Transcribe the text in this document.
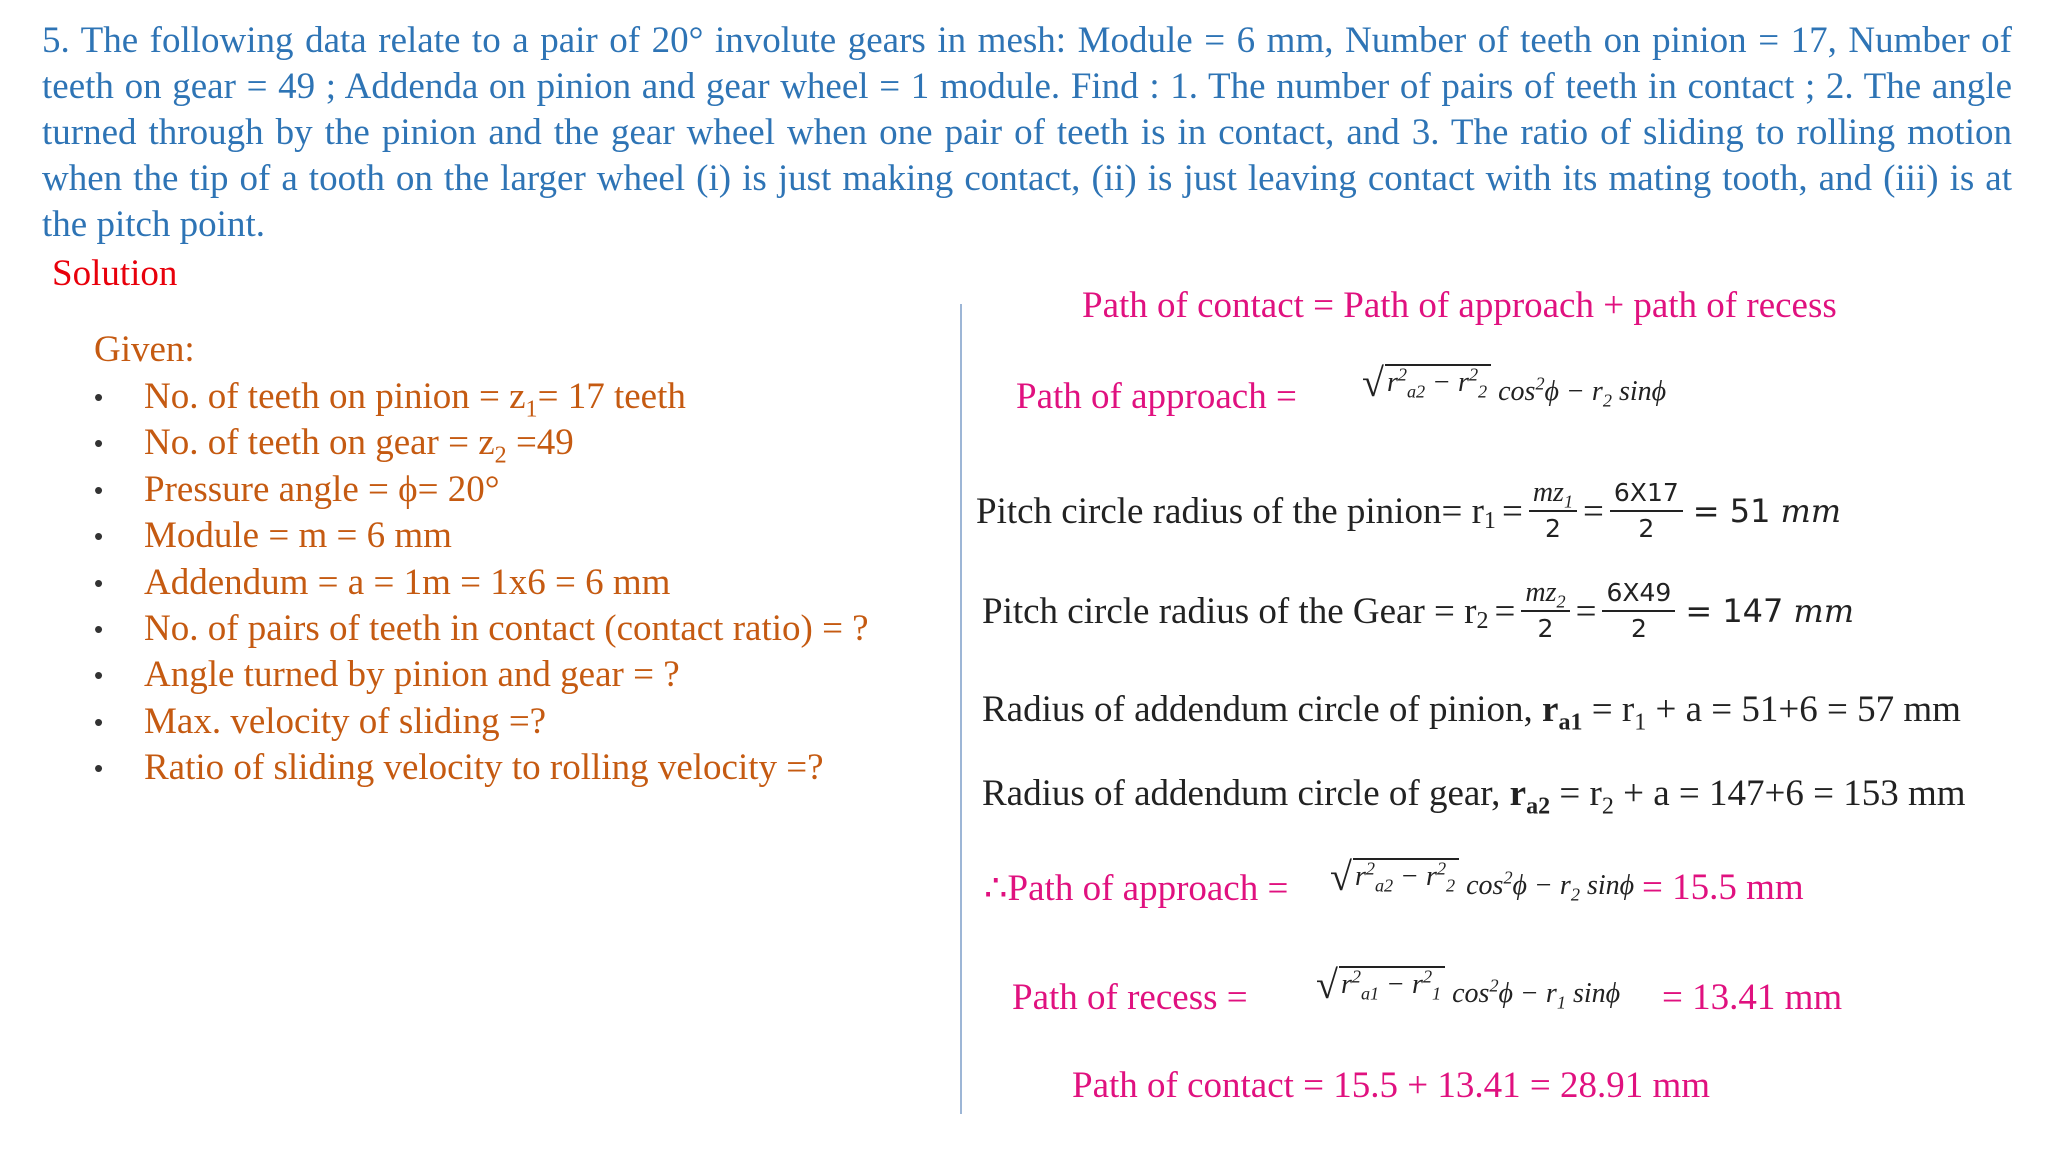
5. The following data relate to a pair of 20° involute gears in mesh: Module = 6 mm, Number of teeth on pinion = 17, Number of teeth on gear = 49 ; Addenda on pinion and gear wheel = 1 module. Find : 1. The number of pairs of teeth in contact ; 2. The angle turned through by the pinion and the gear wheel when one pair of teeth is in contact, and 3. The ratio of sliding to rolling motion when the tip of a tooth on the larger wheel (i) is just making contact, (ii) is just leaving contact with its mating tooth, and (iii) is at the pitch point.
Solution
Given:
• No. of teeth on pinion = $z_1= 17$ teeth
• No. of teeth on gear = $z_2 =49$
• Pressure angle = ϕ= 20°
• Module = m = 6 mm
• Addendum = a = 1m = 1x6 = 6 mm
• No. of pairs of teeth in contact (contact ratio) = ?
• Angle turned by pinion and gear = ?
• Max. velocity of sliding =?
• Ratio of sliding velocity to rolling velocity =?
Path of contact = Path of approach + path of recess
Path of approach = √ $r^2_{a2} - r^2_2$ $\cos^2\phi - r_2$ sinϕ
Pitch circle radius of the pinion= $r_1 = \frac{mz_1}{2} = \frac{6X17}{2} = 51$ mm
Pitch circle radius of the Gear = $r_2 = \frac{mz_2}{2} = \frac{6X49}{2} = 147$ mm
Radius of addendum circle of pinion, $r_{a1} = r_1 + a = 51+6 = 57$ mm
Radius of addendum circle of gear, $r_{a2} = r_2 + a = 147+6 = 153$ mm
∴Path of approach = √ $r^2_{a2} - r^2_2$ $\cos^2\phi - r_2$ sinϕ = 15.5 mm
Path of recess = √ $r^2_{a1} - r^2_1$ $\cos^2\phi - r_1$ sinϕ = 13.41 mm
Path of contact = 15.5 + 13.41 = 28.91 mm
